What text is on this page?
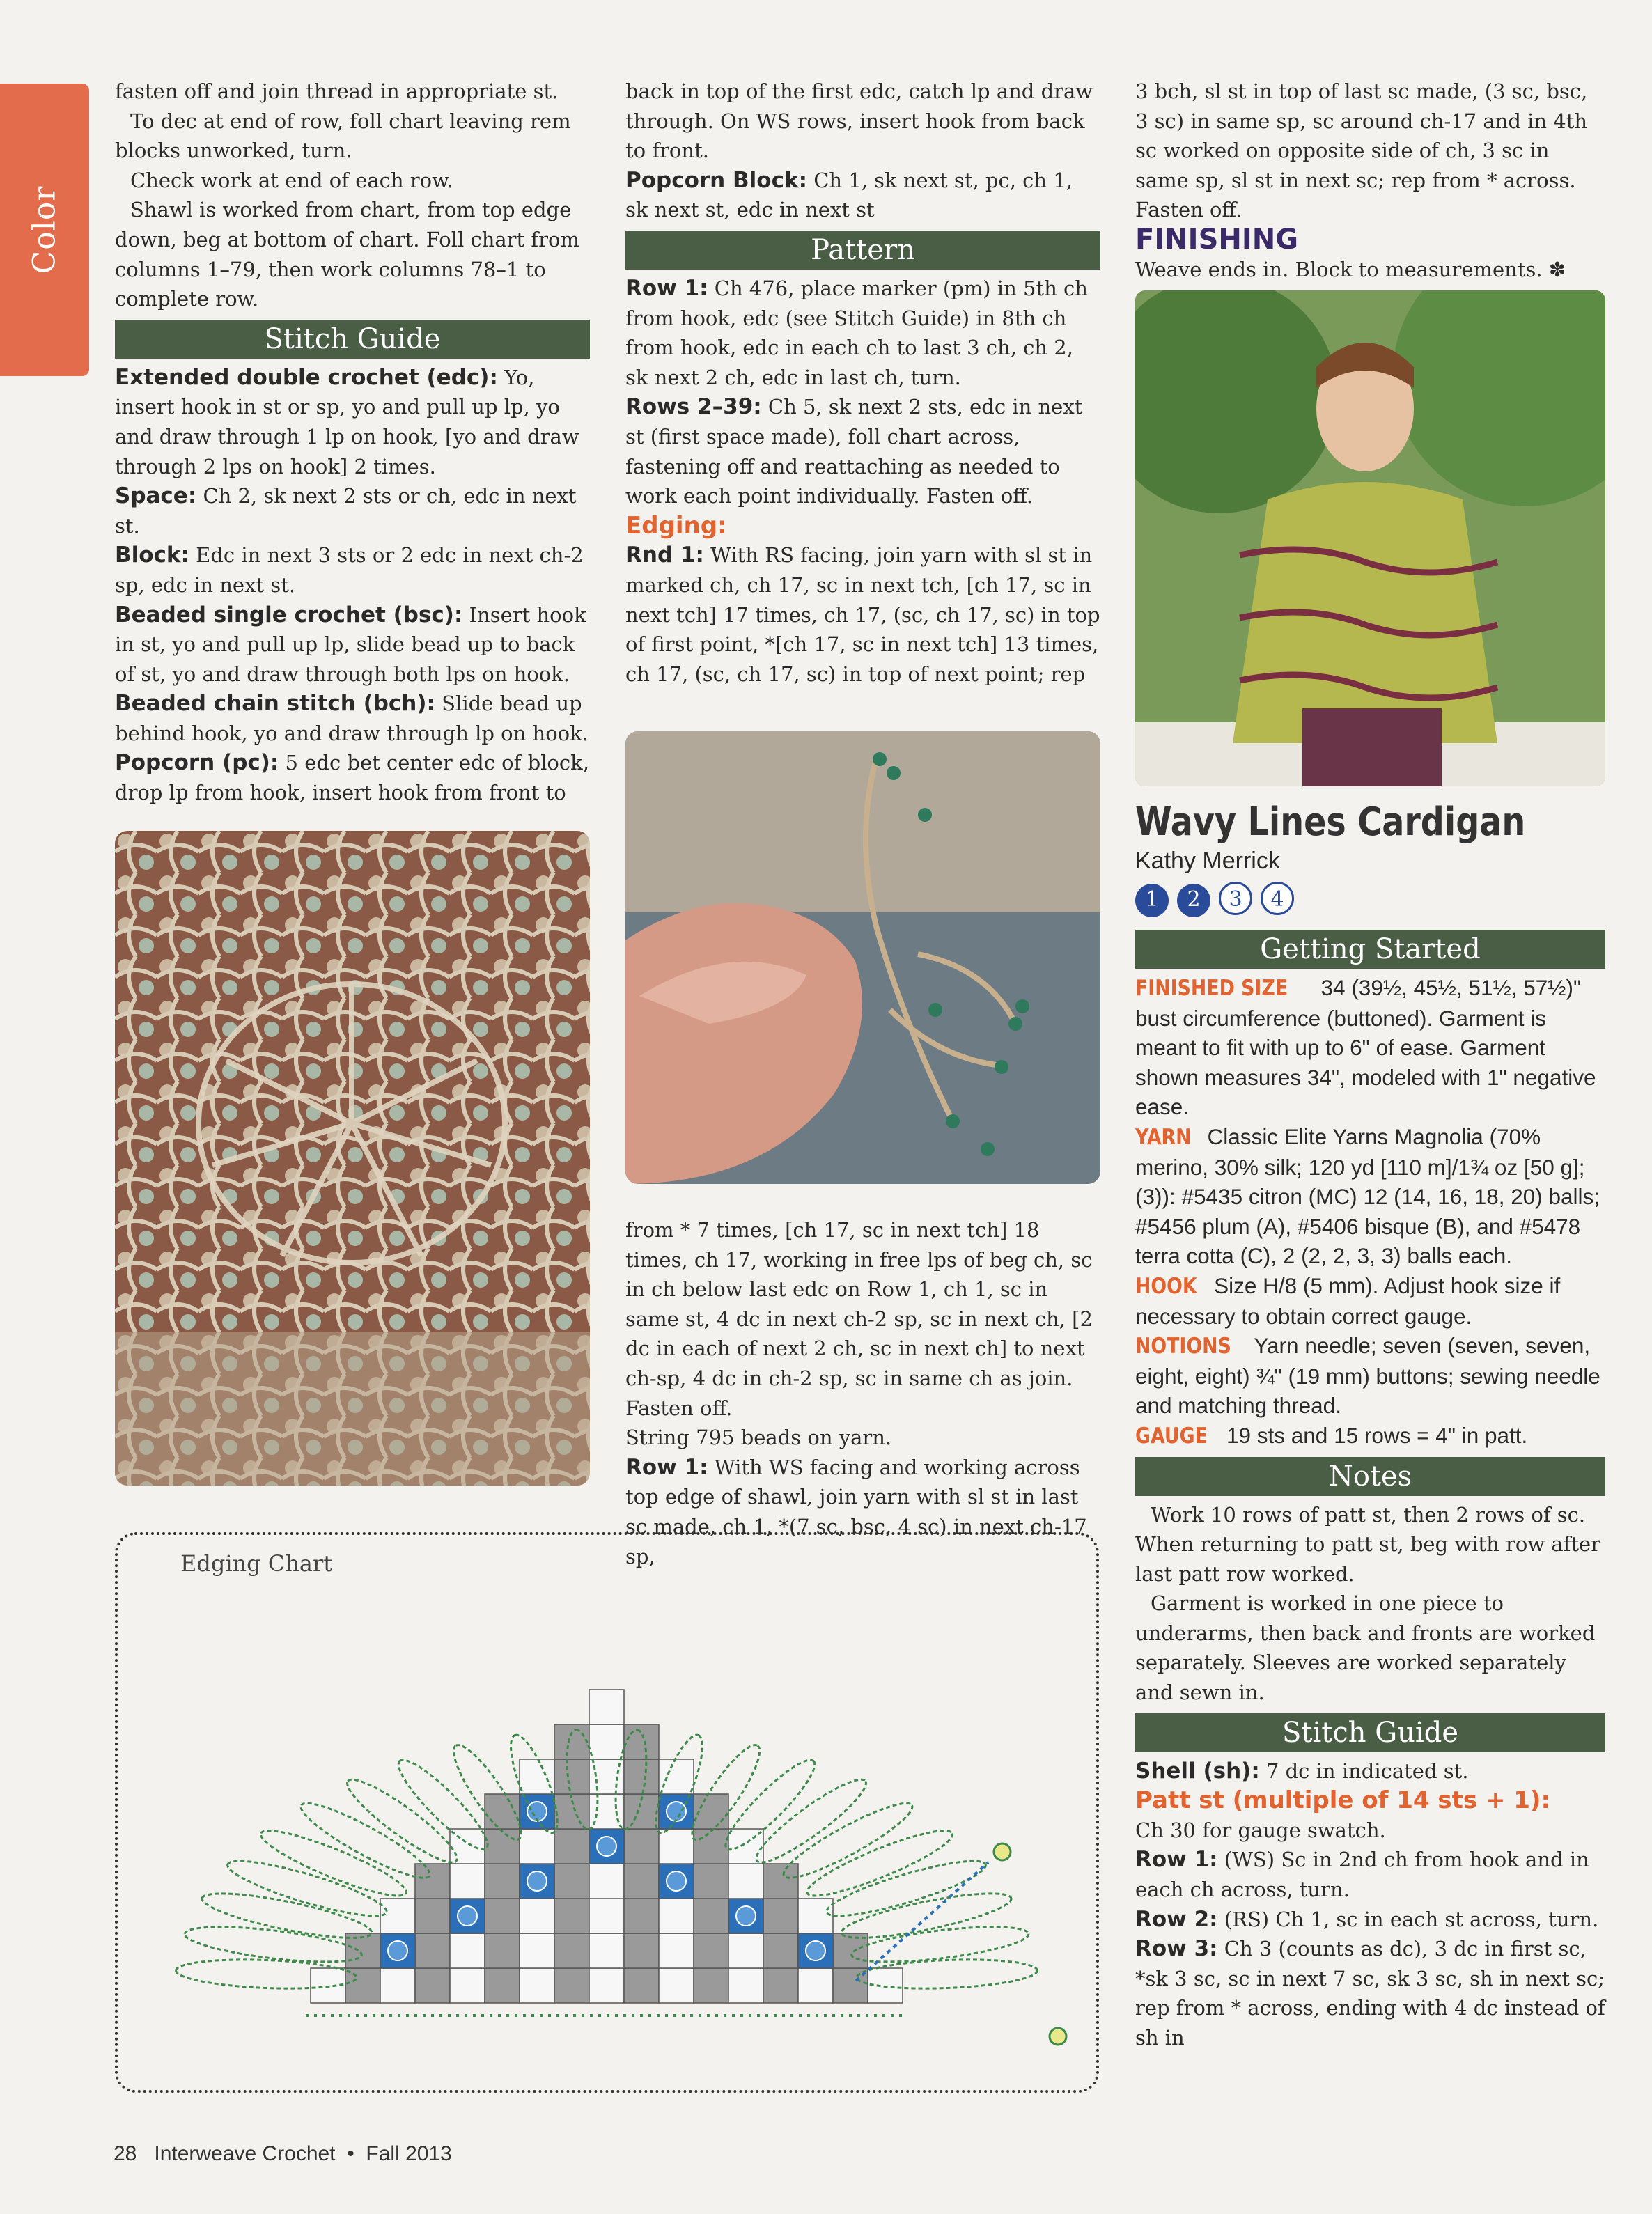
Color

fasten off and join thread in appropriate st.

To dec at end of row, foll chart leaving rem blocks unworked, turn.

Check work at end of each row.

Shawl is worked from chart, from top edge down, beg at bottom of chart. Foll chart from columns 1–79, then work columns 78–1 to complete row.

Stitch Guide

Extended double crochet (edc): Yo, insert hook in st or sp, yo and pull up lp, yo and draw through 1 lp on hook, [yo and draw through 2 lps on hook] 2 times.

Space: Ch 2, sk next 2 sts or ch, edc in next st.

Block: Edc in next 3 sts or 2 edc in next ch-2 sp, edc in next st.

Beaded single crochet (bsc): Insert hook in st, yo and pull up lp, slide bead up to back of st, yo and draw through both lps on hook.

Beaded chain stitch (bch): Slide bead up behind hook, yo and draw through lp on hook.

Popcorn (pc): 5 edc bet center edc of block, drop lp from hook, insert hook from front to

back in top of the first edc, catch lp and draw through. On WS rows, insert hook from back to front.

Popcorn Block: Ch 1, sk next st, pc, ch 1, sk next st, edc in next st

Pattern

Row 1: Ch 476, place marker (pm) in 5th ch from hook, edc (see Stitch Guide) in 8th ch from hook, edc in each ch to last 3 ch, ch 2, sk next 2 ch, edc in last ch, turn.

Rows 2–39: Ch 5, sk next 2 sts, edc in next st (first space made), foll chart across, fastening off and reattaching as needed to work each point individually. Fasten off.

Edging:

Rnd 1: With RS facing, join yarn with sl st in marked ch, ch 17, sc in next tch, [ch 17, sc in next tch] 17 times, ch 17, (sc, ch 17, sc) in top of first point, *[ch 17, sc in next tch] 13 times, ch 17, (sc, ch 17, sc) in top of next point; rep

from * 7 times, [ch 17, sc in next tch] 18 times, ch 17, working in free lps of beg ch, sc in ch below last edc on Row 1, ch 1, sc in same st, 4 dc in next ch-2 sp, sc in next ch, [2 dc in each of next 2 ch, sc in next ch] to next ch-sp, 4 dc in ch-2 sp, sc in same ch as join. Fasten off.

String 795 beads on yarn.

Row 1: With WS facing and working across top edge of shawl, join yarn with sl st in last sc made, ch 1, *(7 sc, bsc, 4 sc) in next ch-17 sp,

3 bch, sl st in top of last sc made, (3 sc, bsc, 3 sc) in same sp, sc around ch-17 and in 4th sc worked on opposite side of ch, 3 sc in same sp, sl st in next sc; rep from * across. Fasten off.

FINISHING

Weave ends in. Block to measurements. ✽

Wavy Lines Cardigan
Kathy Merrick
1 2 3 4
Getting Started

FINISHED SIZE 34 (39½, 45½, 51½, 57½)" bust circumference (buttoned). Garment is meant to fit with up to 6" of ease. Garment shown measures 34", modeled with 1" negative ease.

YARN Classic Elite Yarns Magnolia (70% merino, 30% silk; 120 yd [110 m]/1¾ oz [50 g]; (3)): #5435 citron (MC) 12 (14, 16, 18, 20) balls; #5456 plum (A), #5406 bisque (B), and #5478 terra cotta (C), 2 (2, 2, 3, 3) balls each.

HOOK Size H/8 (5 mm). Adjust hook size if necessary to obtain correct gauge.

NOTIONS Yarn needle; seven (seven, seven, eight, eight) ¾" (19 mm) buttons; sewing needle and matching thread.

GAUGE 19 sts and 15 rows = 4" in patt.

Notes

Work 10 rows of patt st, then 2 rows of sc. When returning to patt st, beg with row after last patt row worked.

Garment is worked in one piece to underarms, then back and fronts are worked separately. Sleeves are worked separately and sewn in.

Stitch Guide

Shell (sh): 7 dc in indicated st.

Patt st (multiple of 14 sts + 1):

Ch 30 for gauge swatch.

Row 1: (WS) Sc in 2nd ch from hook and in each ch across, turn.

Row 2: (RS) Ch 1, sc in each st across, turn.

Row 3: Ch 3 (counts as dc), 3 dc in first sc, *sk 3 sc, sc in next 7 sc, sk 3 sc, sh in next sc; rep from * across, ending with 4 dc instead of sh in

Edging Chart
28 Interweave Crochet • Fall 2013
